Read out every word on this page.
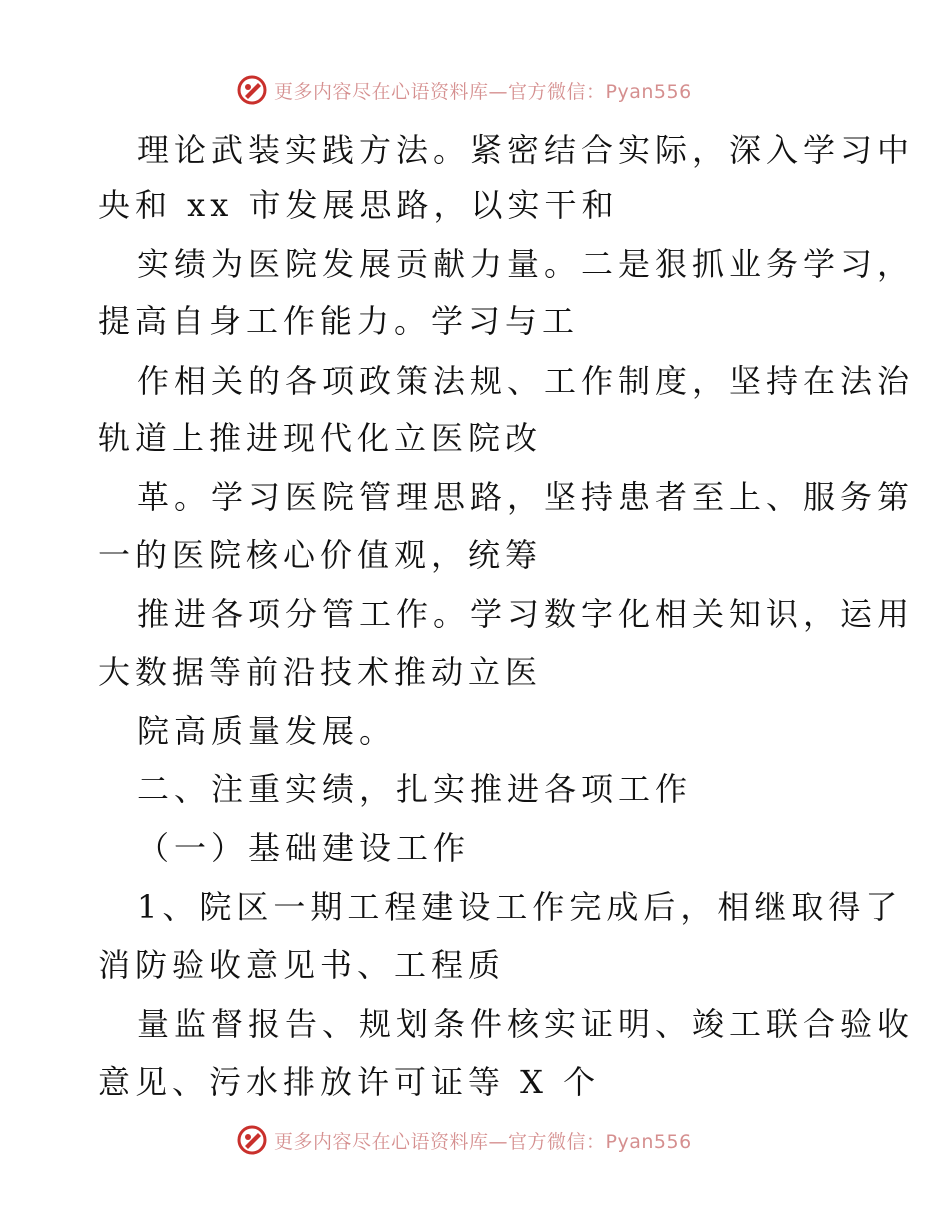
更多内容尽在心语资料库—官方微信：Pyan556
理论武装实践方法。紧密结合实际，深入学习中
央和 xx 市发展思路，以实干和
实绩为医院发展贡献力量。二是狠抓业务学习，
提高自身工作能力。学习与工
作相关的各项政策法规、工作制度，坚持在法治
轨道上推进现代化立医院改
革。学习医院管理思路，坚持患者至上、服务第
一的医院核心价值观，统筹
推进各项分管工作。学习数字化相关知识，运用
大数据等前沿技术推动立医
院高质量发展。
二、注重实绩，扎实推进各项工作
（一）基础建设工作
1、院区一期工程建设工作完成后，相继取得了
消防验收意见书、工程质
量监督报告、规划条件核实证明、竣工联合验收
意见、污水排放许可证等 X 个
更多内容尽在心语资料库—官方微信：Pyan556
